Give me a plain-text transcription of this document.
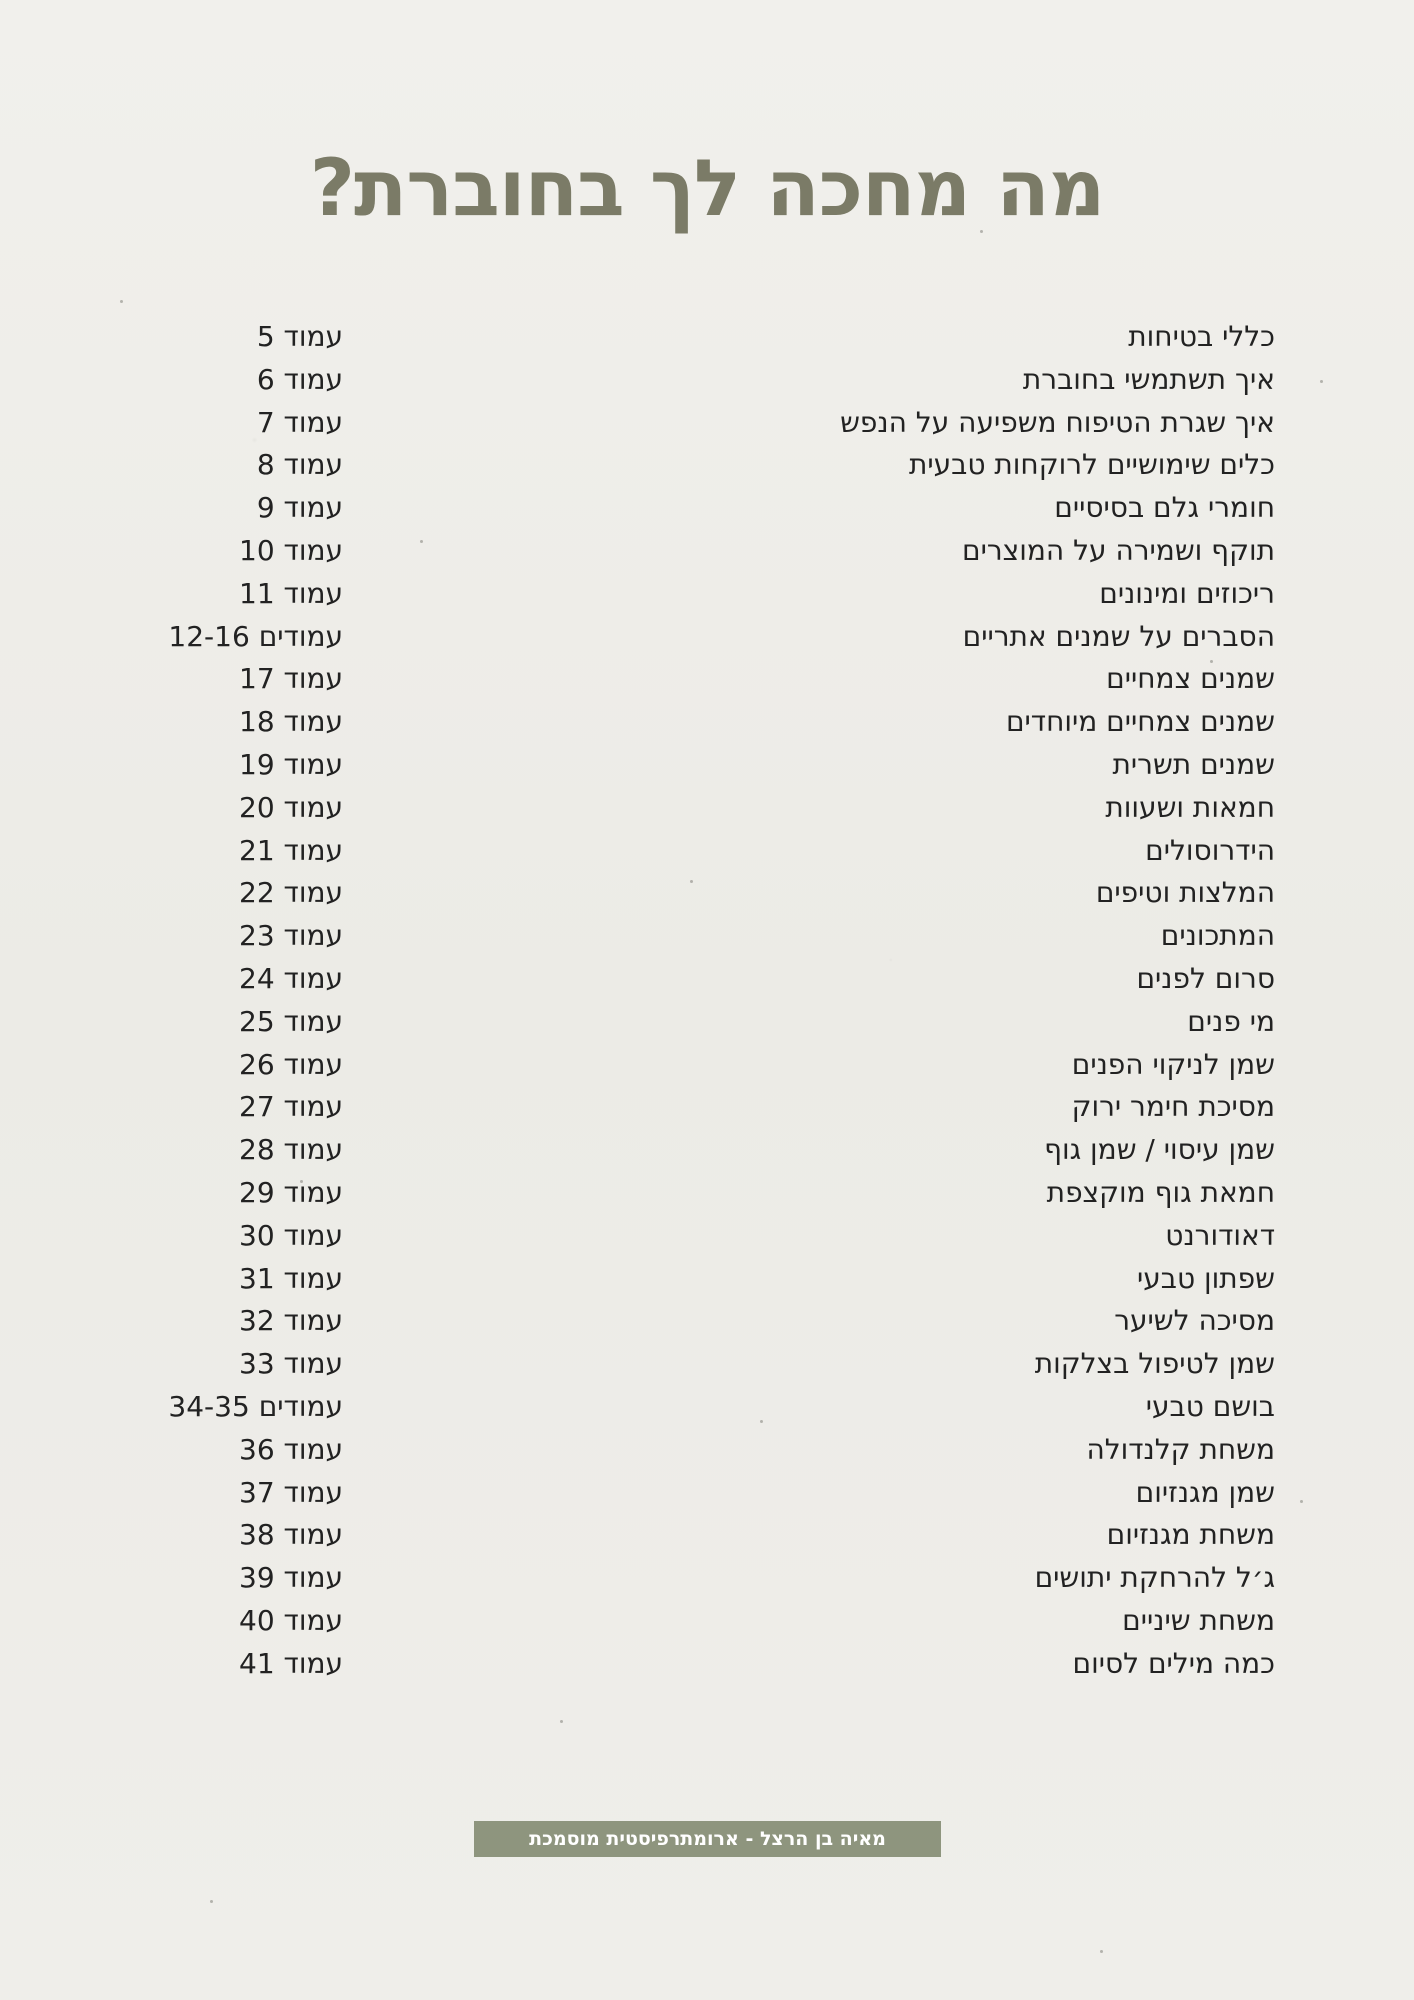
מה מחכה לך בחוברת?
כללי בטיחות
עמוד 5
איך תשתמשי בחוברת
עמוד 6
איך שגרת הטיפוח משפיעה על הנפש
עמוד 7
כלים שימושיים לרוקחות טבעית
עמוד 8
חומרי גלם בסיסיים
עמוד 9
תוקף ושמירה על המוצרים
עמוד 10
ריכוזים ומינונים
עמוד 11
הסברים על שמנים אתריים
עמודים 12-16
שמנים צמחיים
עמוד 17
שמנים צמחיים מיוחדים
עמוד 18
שמנים תשרית
עמוד 19
חמאות ושעוות
עמוד 20
הידרוסולים
עמוד 21
המלצות וטיפים
עמוד 22
המתכונים
עמוד 23
סרום לפנים
עמוד 24
מי פנים
עמוד 25
שמן לניקוי הפנים
עמוד 26
מסיכת חימר ירוק
עמוד 27
שמן עיסוי / שמן גוף
עמוד 28
חמאת גוף מוקצפת
עמוד 29
דאודורנט
עמוד 30
שפתון טבעי
עמוד 31
מסיכה לשיער
עמוד 32
שמן לטיפול בצלקות
עמוד 33
בושם טבעי
עמודים 34-35
משחת קלנדולה
עמוד 36
שמן מגנזיום
עמוד 37
משחת מגנזיום
עמוד 38
ג׳ל להרחקת יתושים
עמוד 39
משחת שיניים
עמוד 40
כמה מילים לסיום
עמוד 41
מאיה בן הרצל - ארומתרפיסטית מוסמכת
